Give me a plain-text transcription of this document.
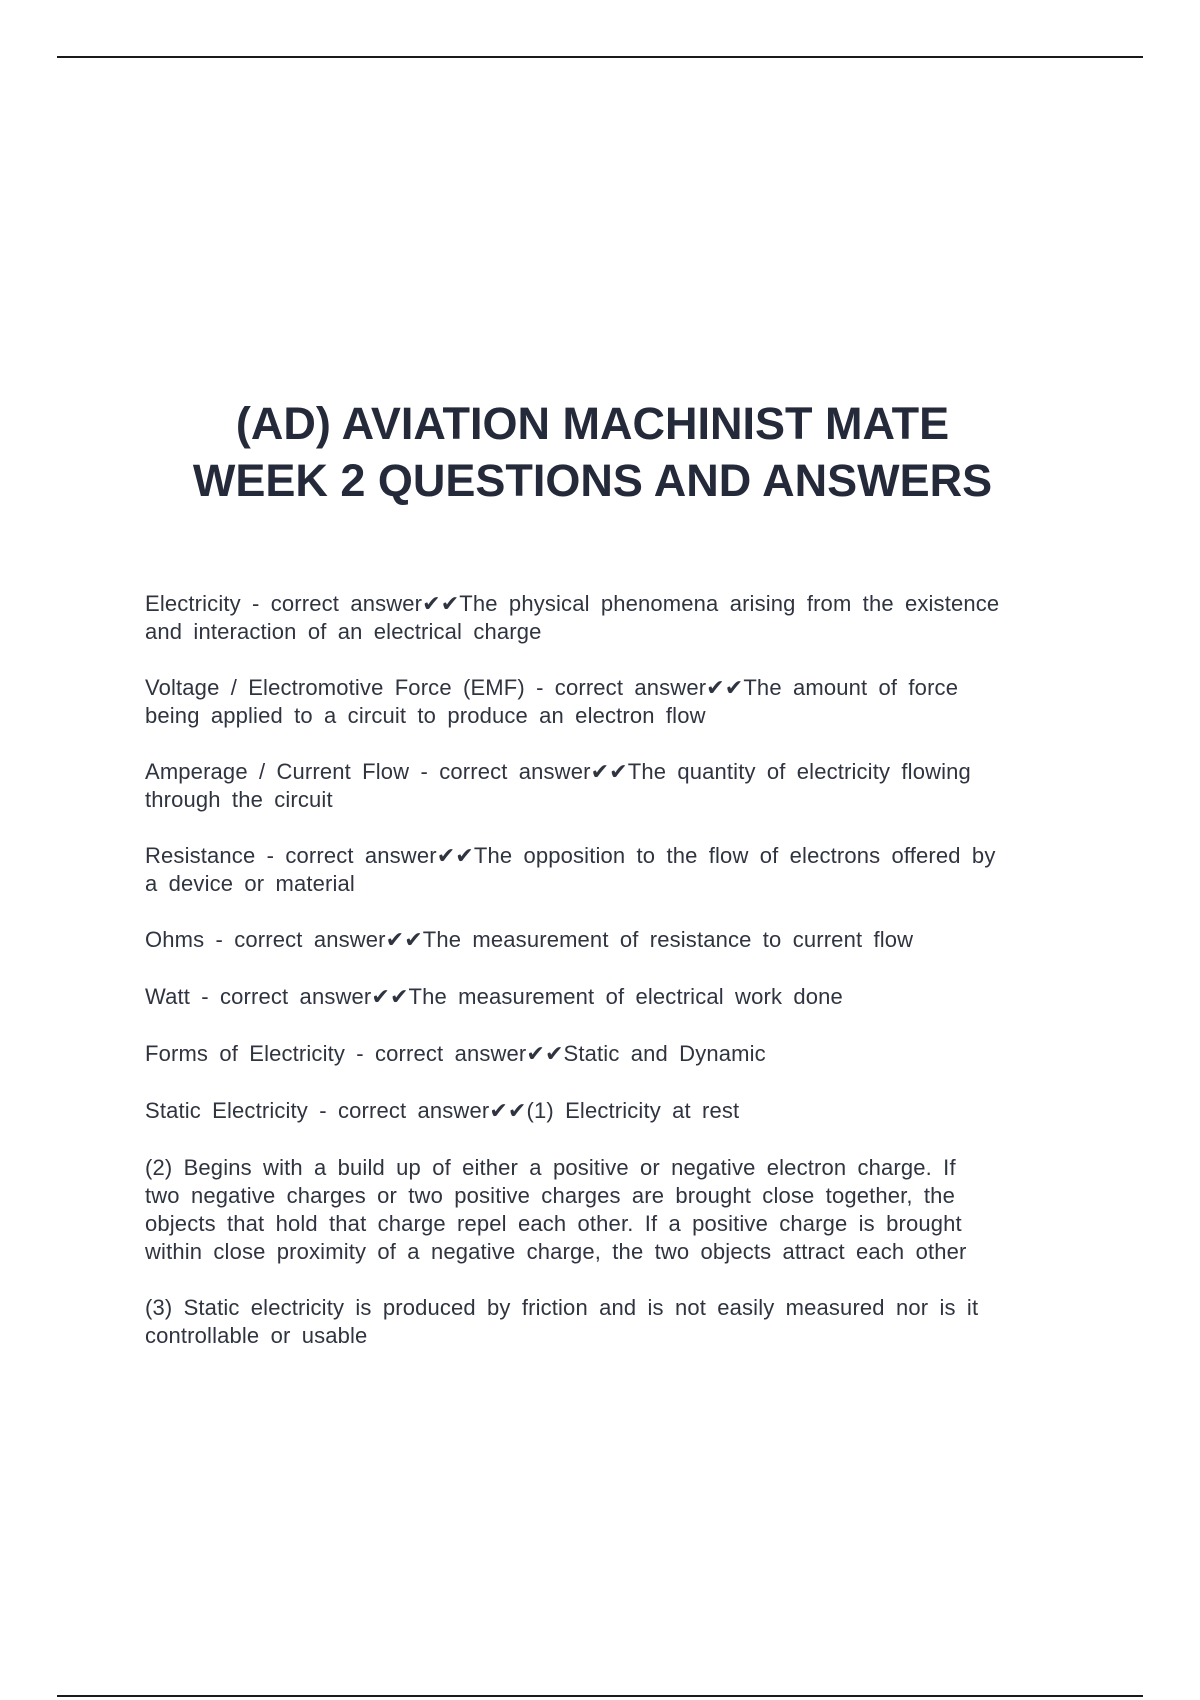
(AD) AVIATION MACHINIST MATE
WEEK 2 QUESTIONS AND ANSWERS
Electricity - correct answer✔✔The physical phenomena arising from the existence
and interaction of an electrical charge
Voltage / Electromotive Force (EMF) - correct answer✔✔The amount of force
being applied to a circuit to produce an electron flow
Amperage / Current Flow - correct answer✔✔The quantity of electricity flowing
through the circuit
Resistance - correct answer✔✔The opposition to the flow of electrons offered by
a device or material
Ohms - correct answer✔✔The measurement of resistance to current flow
Watt - correct answer✔✔The measurement of electrical work done
Forms of Electricity - correct answer✔✔Static and Dynamic
Static Electricity - correct answer✔✔(1) Electricity at rest
(2) Begins with a build up of either a positive or negative electron charge. If
two negative charges or two positive charges are brought close together, the
objects that hold that charge repel each other. If a positive charge is brought
within close proximity of a negative charge, the two objects attract each other
(3) Static electricity is produced by friction and is not easily measured nor is it
controllable or usable
